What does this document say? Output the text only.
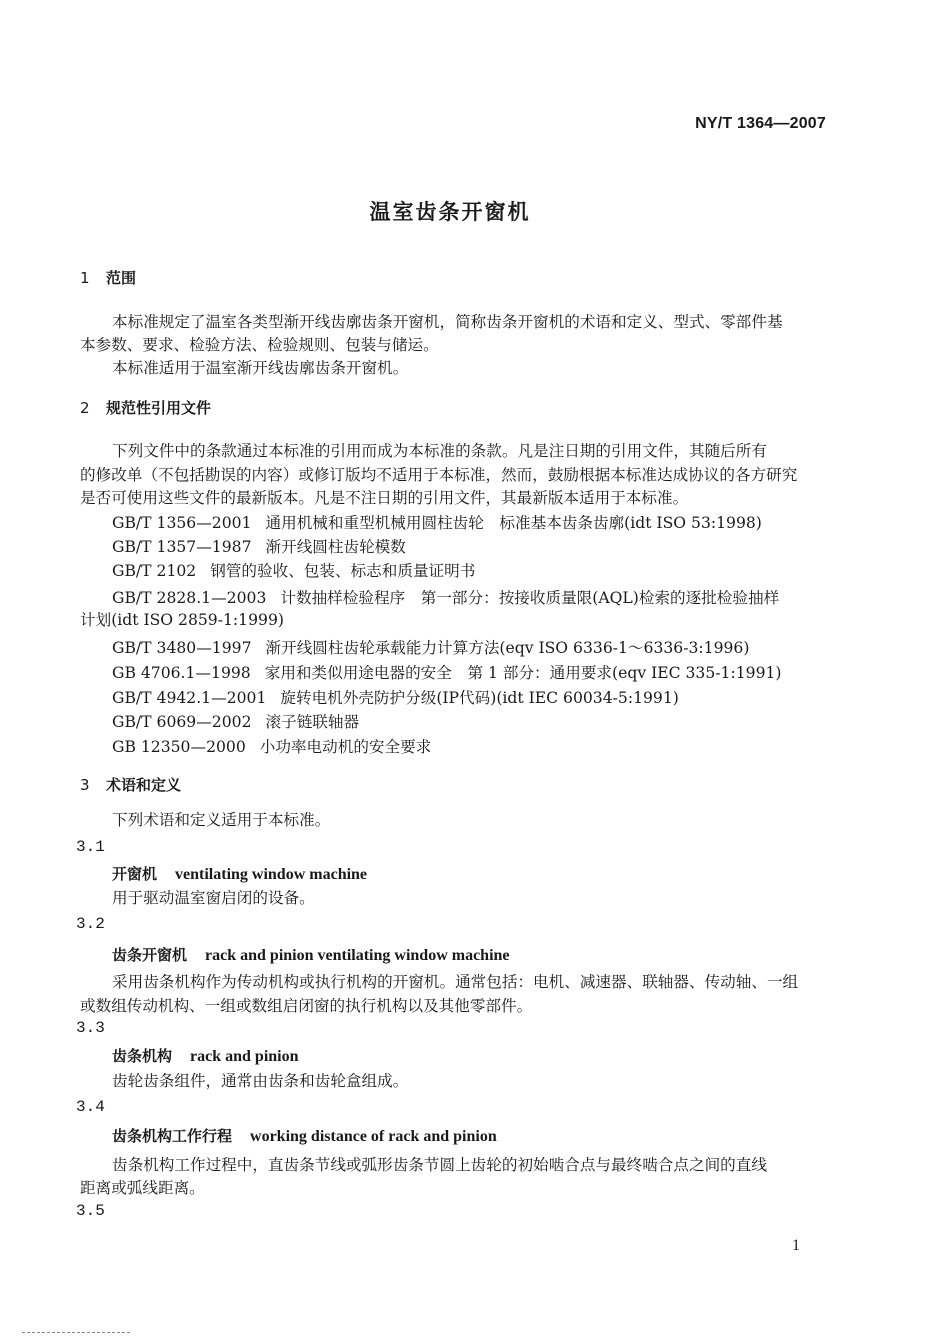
NY/T 1364—2007
温室齿条开窗机
1 范围
本标准规定了温室各类型渐开线齿廓齿条开窗机，简称齿条开窗机的术语和定义、型式、零部件基
本参数、要求、检验方法、检验规则、包装与储运。
本标准适用于温室渐开线齿廓齿条开窗机。
2 规范性引用文件
下列文件中的条款通过本标准的引用而成为本标准的条款。凡是注日期的引用文件，其随后所有
的修改单（不包括勘误的内容）或修订版均不适用于本标准，然而，鼓励根据本标准达成协议的各方研究
是否可使用这些文件的最新版本。凡是不注日期的引用文件，其最新版本适用于本标准。
GB/T 1356—2001 通用机械和重型机械用圆柱齿轮　标准基本齿条齿廓(idt ISO 53:1998)
GB/T 1357—1987 渐开线圆柱齿轮模数
GB/T 2102 钢管的验收、包装、标志和质量证明书
GB/T 2828.1—2003 计数抽样检验程序　第一部分：按接收质量限(AQL)检索的逐批检验抽样
计划(idt ISO 2859-1:1999)
GB/T 3480—1997 渐开线圆柱齿轮承载能力计算方法(eqv ISO 6336-1～6336-3:1996)
GB 4706.1—1998 家用和类似用途电器的安全　第 1 部分：通用要求(eqv IEC 335-1:1991)
GB/T 4942.1—2001 旋转电机外壳防护分级(IP代码)(idt IEC 60034-5:1991)
GB/T 6069—2002 滚子链联轴器
GB 12350—2000 小功率电动机的安全要求
3 术语和定义
下列术语和定义适用于本标准。
3.1
开窗机 ventilating window machine
用于驱动温室窗启闭的设备。
3.2
齿条开窗机 rack and pinion ventilating window machine
采用齿条机构作为传动机构或执行机构的开窗机。通常包括：电机、减速器、联轴器、传动轴、一组
或数组传动机构、一组或数组启闭窗的执行机构以及其他零部件。
3.3
齿条机构 rack and pinion
齿轮齿条组件，通常由齿条和齿轮盒组成。
3.4
齿条机构工作行程 working distance of rack and pinion
齿条机构工作过程中，直齿条节线或弧形齿条节圆上齿轮的初始啮合点与最终啮合点之间的直线
距离或弧线距离。
3.5
1
